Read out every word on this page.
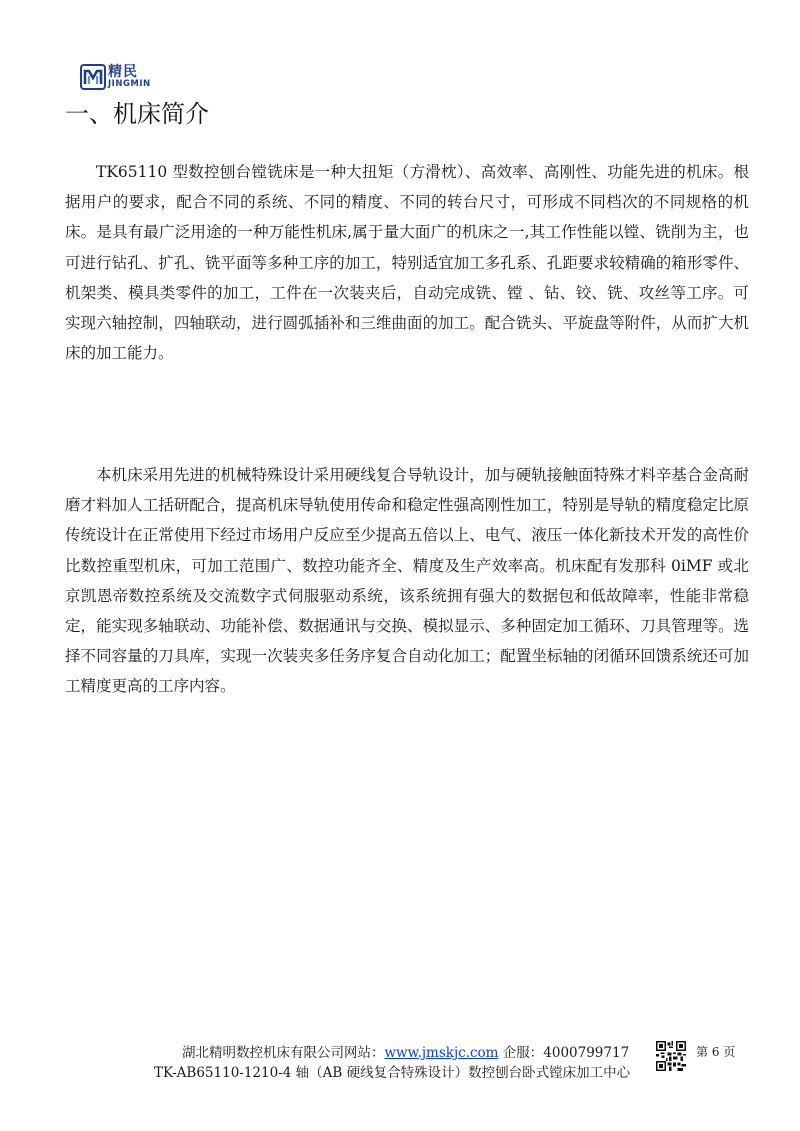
精民
JINGMIN
一、机床简介

TK65110 型数控刨台镗铣床是一种大扭矩（方滑枕）、高效率、高刚性、功能先进的机床。根据用户的要求，配合不同的系统、不同的精度、不同的转台尺寸，可形成不同档次的不同规格的机床。是具有最广泛用途的一种万能性机床,属于量大面广的机床之一,其工作性能以镗、铣削为主，也可进行钻孔、扩孔、铣平面等多种工序的加工，特别适宜加工多孔系、孔距要求较精确的箱形零件、机架类、模具类零件的加工，工件在一次装夹后，自动完成铣、镗 、钻、铰、铣、攻丝等工序。可实现六轴控制，四轴联动，进行圆弧插补和三维曲面的加工。配合铣头、平旋盘等附件，从而扩大机床的加工能力。

本机床采用先进的机械特殊设计采用硬线复合导轨设计，加与硬轨接触面特殊才料辛基合金高耐磨才料加人工括研配合，提高机床导轨使用传命和稳定性强高刚性加工，特别是导轨的精度稳定比原传统设计在正常使用下经过市场用户反应至少提高五倍以上、电气、液压一体化新技术开发的高性价比数控重型机床，可加工范围广、数控功能齐全、精度及生产效率高。机床配有发那科 0iMF 或北京凯恩帝数控系统及交流数字式伺服驱动系统，该系统拥有强大的数据包和低故障率，性能非常稳定，能实现多轴联动、功能补偿、数据通讯与交换、模拟显示、多种固定加工循环、刀具管理等。选择不同容量的刀具库，实现一次装夹多任务序复合自动化加工；配置坐标轴的闭循环回馈系统还可加工精度更高的工序内容。

湖北精明数控机床有限公司网站：www.jmskjc.com 企服：4000799717
TK-AB65110-1210-4 轴（AB 硬线复合特殊设计）数控刨台卧式镗床加工中心
第 6 页
